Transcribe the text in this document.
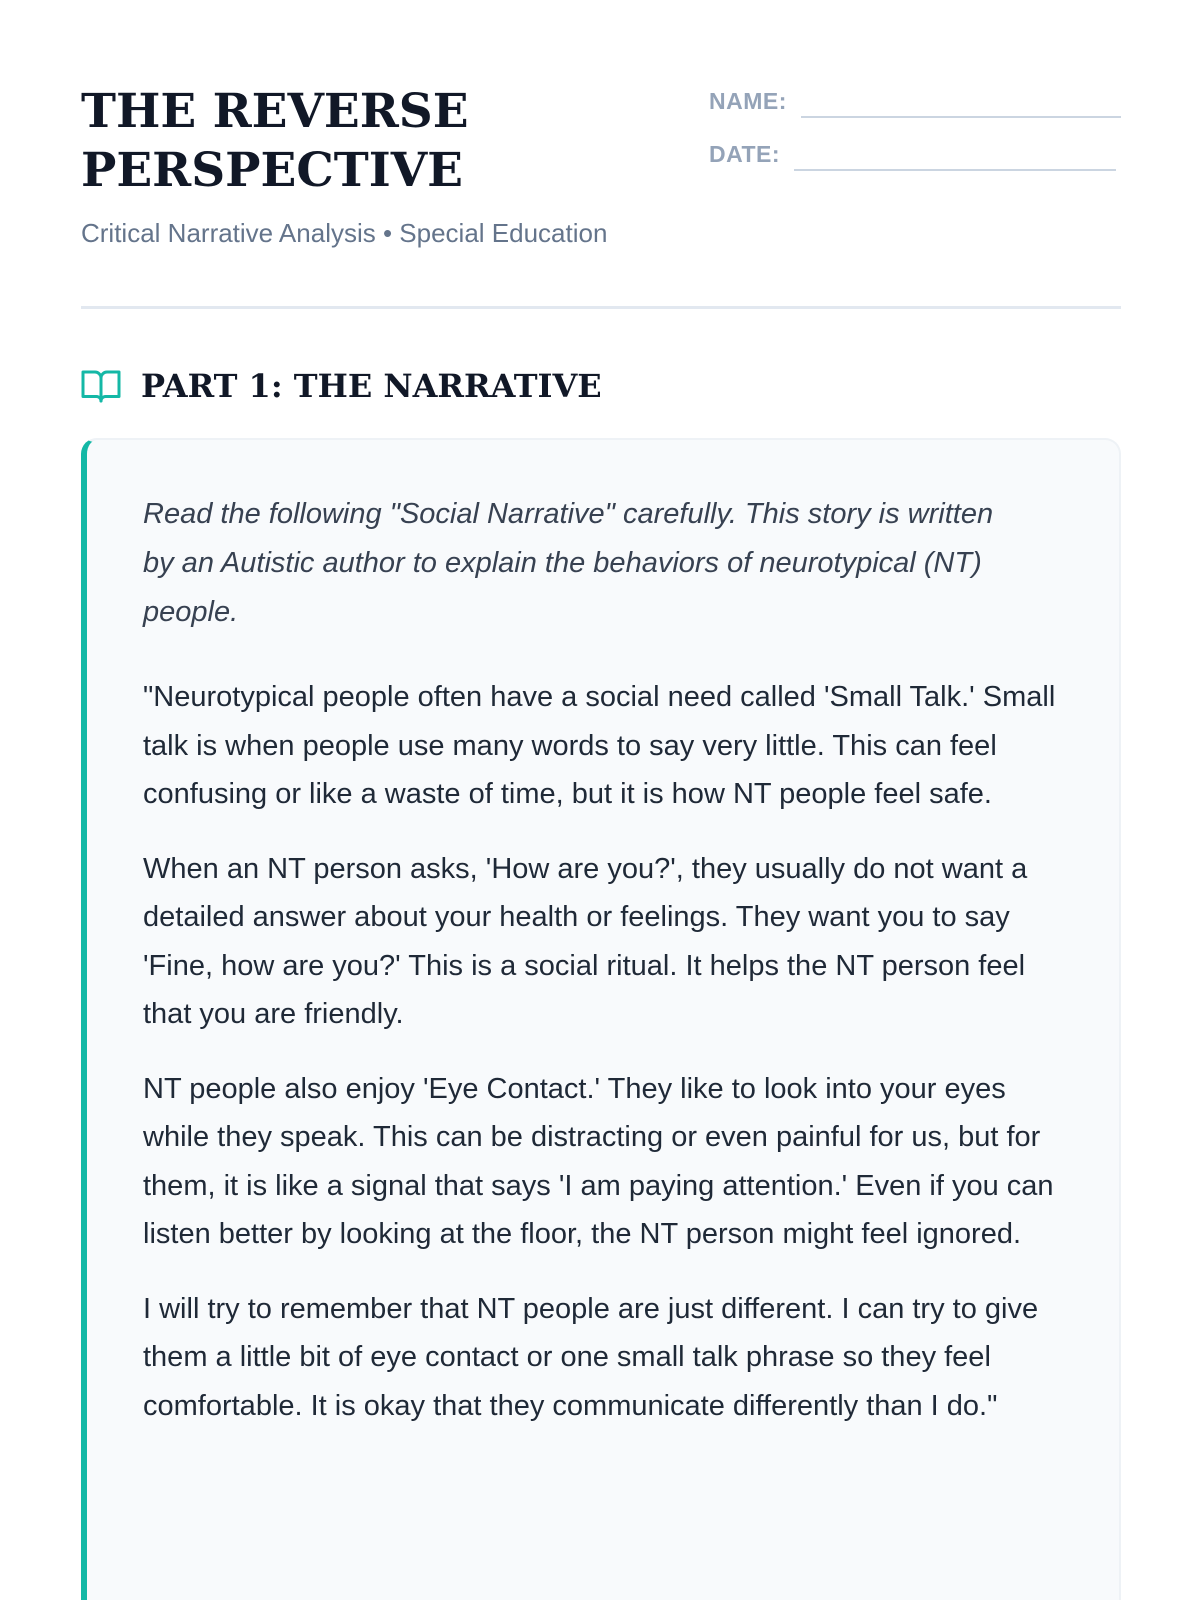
THE REVERSE
PERSPECTIVE
Critical Narrative Analysis • Special Education
NAME:
DATE:
PART 1: THE NARRATIVE

Read the following "Social Narrative" carefully. This story is written by an Autistic author to explain the behaviors of neurotypical (NT) people.

"Neurotypical people often have a social need called 'Small Talk.' Small talk is when people use many words to say very little. This can feel confusing or like a waste of time, but it is how NT people feel safe.

When an NT person asks, 'How are you?', they usually do not want a detailed answer about your health or feelings. They want you to say 'Fine, how are you?' This is a social ritual. It helps the NT person feel that you are friendly.

NT people also enjoy 'Eye Contact.' They like to look into your eyes while they speak. This can be distracting or even painful for us, but for them, it is like a signal that says 'I am paying attention.' Even if you can listen better by looking at the floor, the NT person might feel ignored.

I will try to remember that NT people are just different. I can try to give them a little bit of eye contact or one small talk phrase so they feel comfortable. It is okay that they communicate differently than I do."
